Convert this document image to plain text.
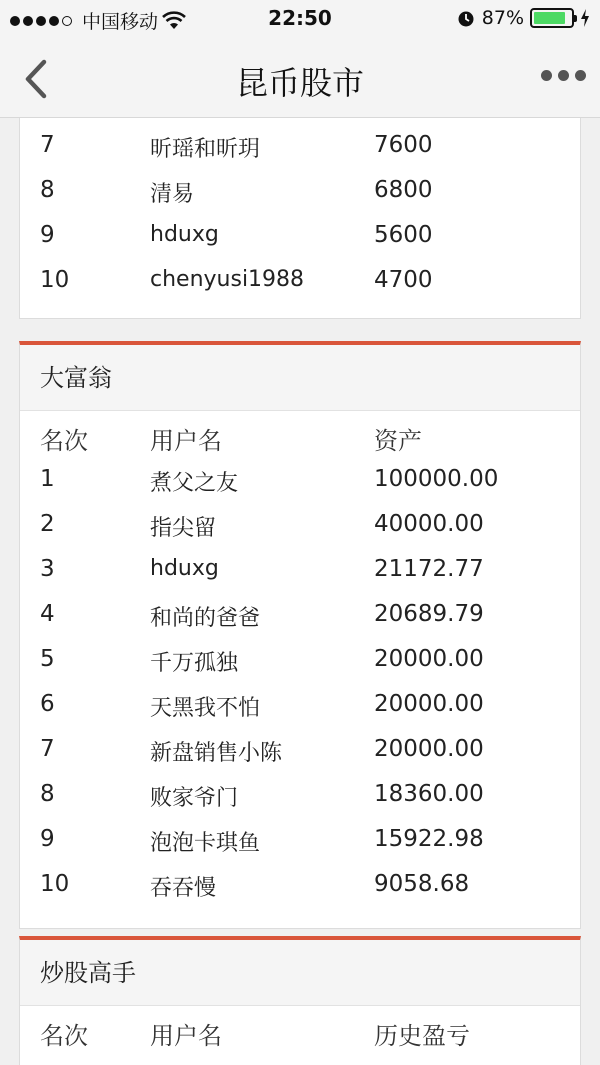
中国移动	22:50	87%
昆币股市
7	昕瑶和昕玥	7600
8	清易	6800
9	hduxg	5600
10	chenyusi1988	4700
大富翁
名次	用户名	资产
1	煮父之友	100000.00
2	指尖留	40000.00
3	hduxg	21172.77
4	和尚的爸爸	20689.79
5	千万孤独	20000.00
6	天黑我不怕	20000.00
7	新盘销售小陈	20000.00
8	败家爷门	18360.00
9	泡泡卡琪鱼	15922.98
10	吞吞慢	9058.68
炒股高手
名次	用户名	历史盈亏
